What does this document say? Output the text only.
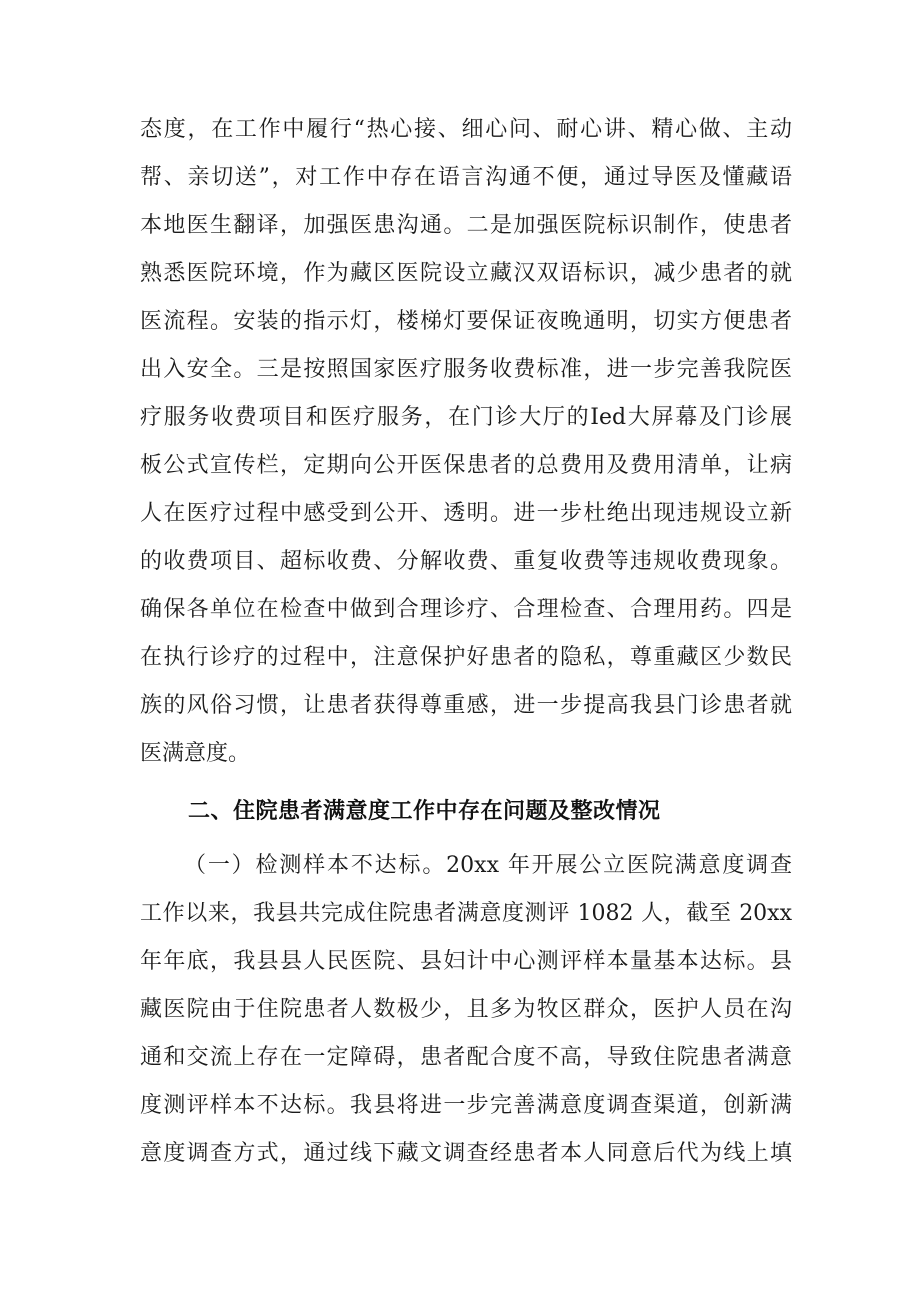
态度，在工作中履行“热心接、细心问、耐心讲、精心做、主动
帮、亲切送”，对工作中存在语言沟通不便，通过导医及懂藏语
本地医生翻译，加强医患沟通。二是加强医院标识制作，使患者
熟悉医院环境，作为藏区医院设立藏汉双语标识，减少患者的就
医流程。安装的指示灯，楼梯灯要保证夜晚通明，切实方便患者
出入安全。三是按照国家医疗服务收费标准，进一步完善我院医
疗服务收费项目和医疗服务，在门诊大厅的Ied大屏幕及门诊展
板公式宣传栏，定期向公开医保患者的总费用及费用清单，让病
人在医疗过程中感受到公开、透明。进一步杜绝出现违规设立新
的收费项目、超标收费、分解收费、重复收费等违规收费现象。
确保各单位在检查中做到合理诊疗、合理检查、合理用药。四是
在执行诊疗的过程中，注意保护好患者的隐私，尊重藏区少数民
族的风俗习惯，让患者获得尊重感，进一步提高我县门诊患者就
医满意度。
二、住院患者满意度工作中存在问题及整改情况
（一）检测样本不达标。20xx 年开展公立医院满意度调查
工作以来，我县共完成住院患者满意度测评 1082 人，截至 20xx
年年底，我县县人民医院、县妇计中心测评样本量基本达标。县
藏医院由于住院患者人数极少，且多为牧区群众，医护人员在沟
通和交流上存在一定障碍，患者配合度不高，导致住院患者满意
度测评样本不达标。我县将进一步完善满意度调查渠道，创新满
意度调查方式，通过线下藏文调查经患者本人同意后代为线上填
